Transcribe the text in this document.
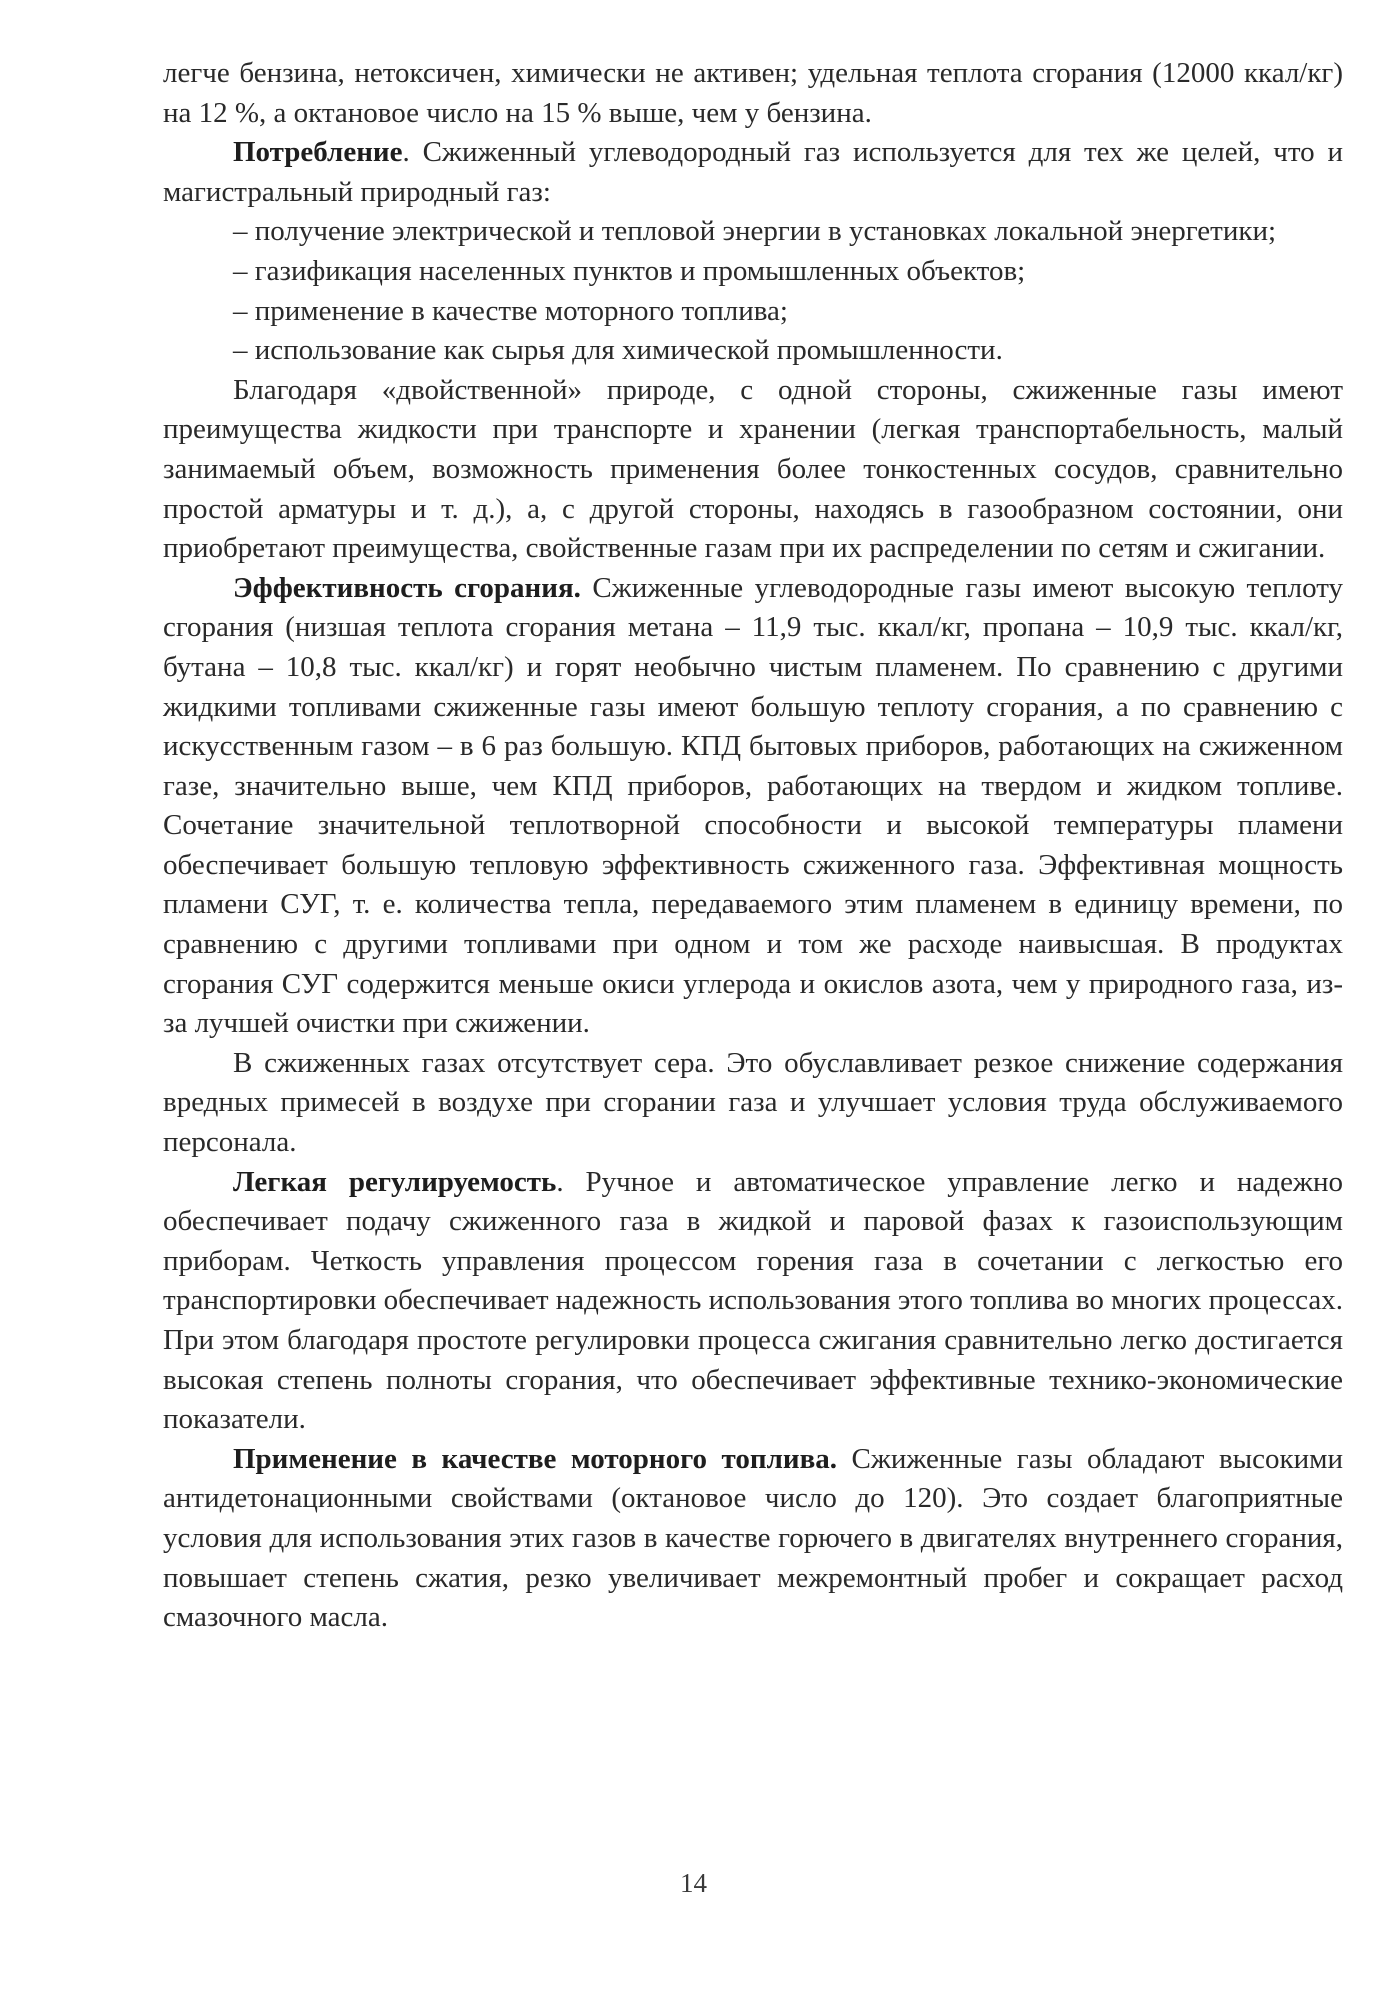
легче бензина, нетоксичен, химически не активен; удельная теплота сгорания (12000 ккал/кг) на 12 %, а октановое число на 15 % выше, чем у бензина.

Потребление. Сжиженный углеводородный газ используется для тех же целей, что и магистральный природный газ:

– получение электрической и тепловой энергии в установках локальной энергетики;

– газификация населенных пунктов и промышленных объектов;

– применение в качестве моторного топлива;

– использование как сырья для химической промышленности.

Благодаря «двойственной» природе, с одной стороны, сжиженные газы имеют преимущества жидкости при транспорте и хранении (легкая транспортабельность, малый занимаемый объем, возможность применения более тонкостенных сосудов, сравнительно простой арматуры и т. д.), а, с другой стороны, находясь в газообразном состоянии, они приобретают преимущества, свойственные газам при их распределении по сетям и сжигании.

Эффективность сгорания. Сжиженные углеводородные газы имеют высокую теплоту сгорания (низшая теплота сгорания метана – 11,9 тыс. ккал/кг, пропана – 10,9 тыс. ккал/кг, бутана – 10,8 тыс. ккал/кг) и горят необычно чистым пламенем. По сравнению с другими жидкими топливами сжиженные газы имеют большую теплоту сгорания, а по сравнению с искусственным газом – в 6 раз большую. КПД бытовых приборов, работающих на сжиженном газе, значительно выше, чем КПД приборов, работающих на твердом и жидком топливе. Сочетание значительной теплотворной способности и высокой температуры пламени обеспечивает большую тепловую эффективность сжиженного газа. Эффективная мощность пламени СУГ, т. е. количества тепла, передаваемого этим пламенем в единицу времени, по сравнению с другими топливами при одном и том же расходе наивысшая. В продуктах сгорания СУГ содержится меньше окиси углерода и окислов азота, чем у природного газа, из-за лучшей очистки при сжижении.

В сжиженных газах отсутствует сера. Это обуславливает резкое снижение содержания вредных примесей в воздухе при сгорании газа и улучшает условия труда обслуживаемого персонала.

Легкая регулируемость. Ручное и автоматическое управление легко и надежно обеспечивает подачу сжиженного газа в жидкой и паровой фазах к газоиспользующим приборам. Четкость управления процессом горения газа в сочетании с легкостью его транспортировки обеспечивает надежность использования этого топлива во многих процессах. При этом благодаря простоте регулировки процесса сжигания сравнительно легко достигается высокая степень полноты сгорания, что обеспечивает эффективные технико-экономические показатели.

Применение в качестве моторного топлива. Сжиженные газы обладают высокими антидетонационными свойствами (октановое число до 120). Это создает благоприятные условия для использования этих газов в качестве горючего в двигателях внутреннего сгорания, повышает степень сжатия, резко увеличивает межремонтный пробег и сокращает расход смазочного масла.

14
